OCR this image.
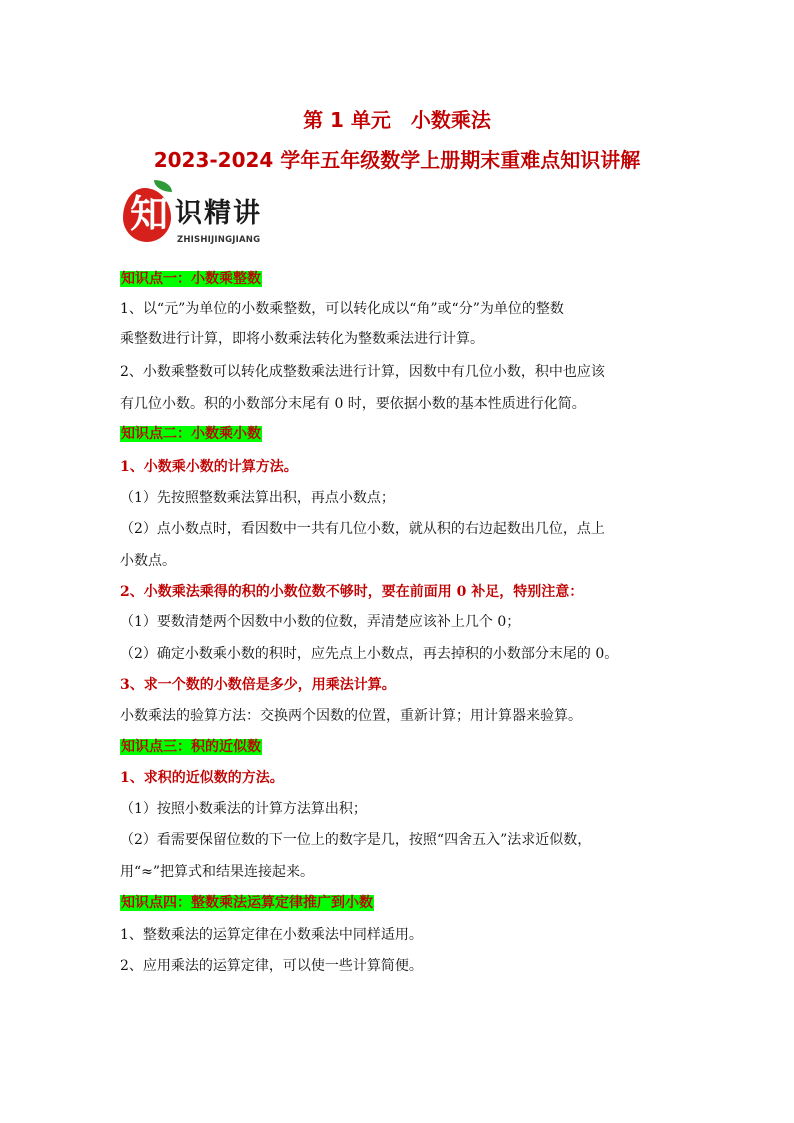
第 1 单元　小数乘法
2023-2024 学年五年级数学上册期末重难点知识讲解
知 识精讲
ZHISHIJINGJIANG
知识点一：小数乘整数
1、以“元”为单位的小数乘整数，可以转化成以“角”或“分”为单位的整数
乘整数进行计算，即将小数乘法转化为整数乘法进行计算。
2、小数乘整数可以转化成整数乘法进行计算，因数中有几位小数，积中也应该
有几位小数。积的小数部分末尾有 0 时，要依据小数的基本性质进行化简。
知识点二：小数乘小数
1、小数乘小数的计算方法。
（1）先按照整数乘法算出积，再点小数点；
（2）点小数点时，看因数中一共有几位小数，就从积的右边起数出几位，点上
小数点。
2、小数乘法乘得的积的小数位数不够时，要在前面用 0 补足，特别注意：
（1）要数清楚两个因数中小数的位数，弄清楚应该补上几个 0；
（2）确定小数乘小数的积时，应先点上小数点，再去掉积的小数部分末尾的 0。
3、求一个数的小数倍是多少，用乘法计算。
小数乘法的验算方法：交换两个因数的位置，重新计算；用计算器来验算。
知识点三：积的近似数
1、求积的近似数的方法。
（1）按照小数乘法的计算方法算出积；
（2）看需要保留位数的下一位上的数字是几，按照“四舍五入”法求近似数，
用“≈”把算式和结果连接起来。
知识点四：整数乘法运算定律推广到小数
1、整数乘法的运算定律在小数乘法中同样适用。
2、应用乘法的运算定律，可以使一些计算简便。
